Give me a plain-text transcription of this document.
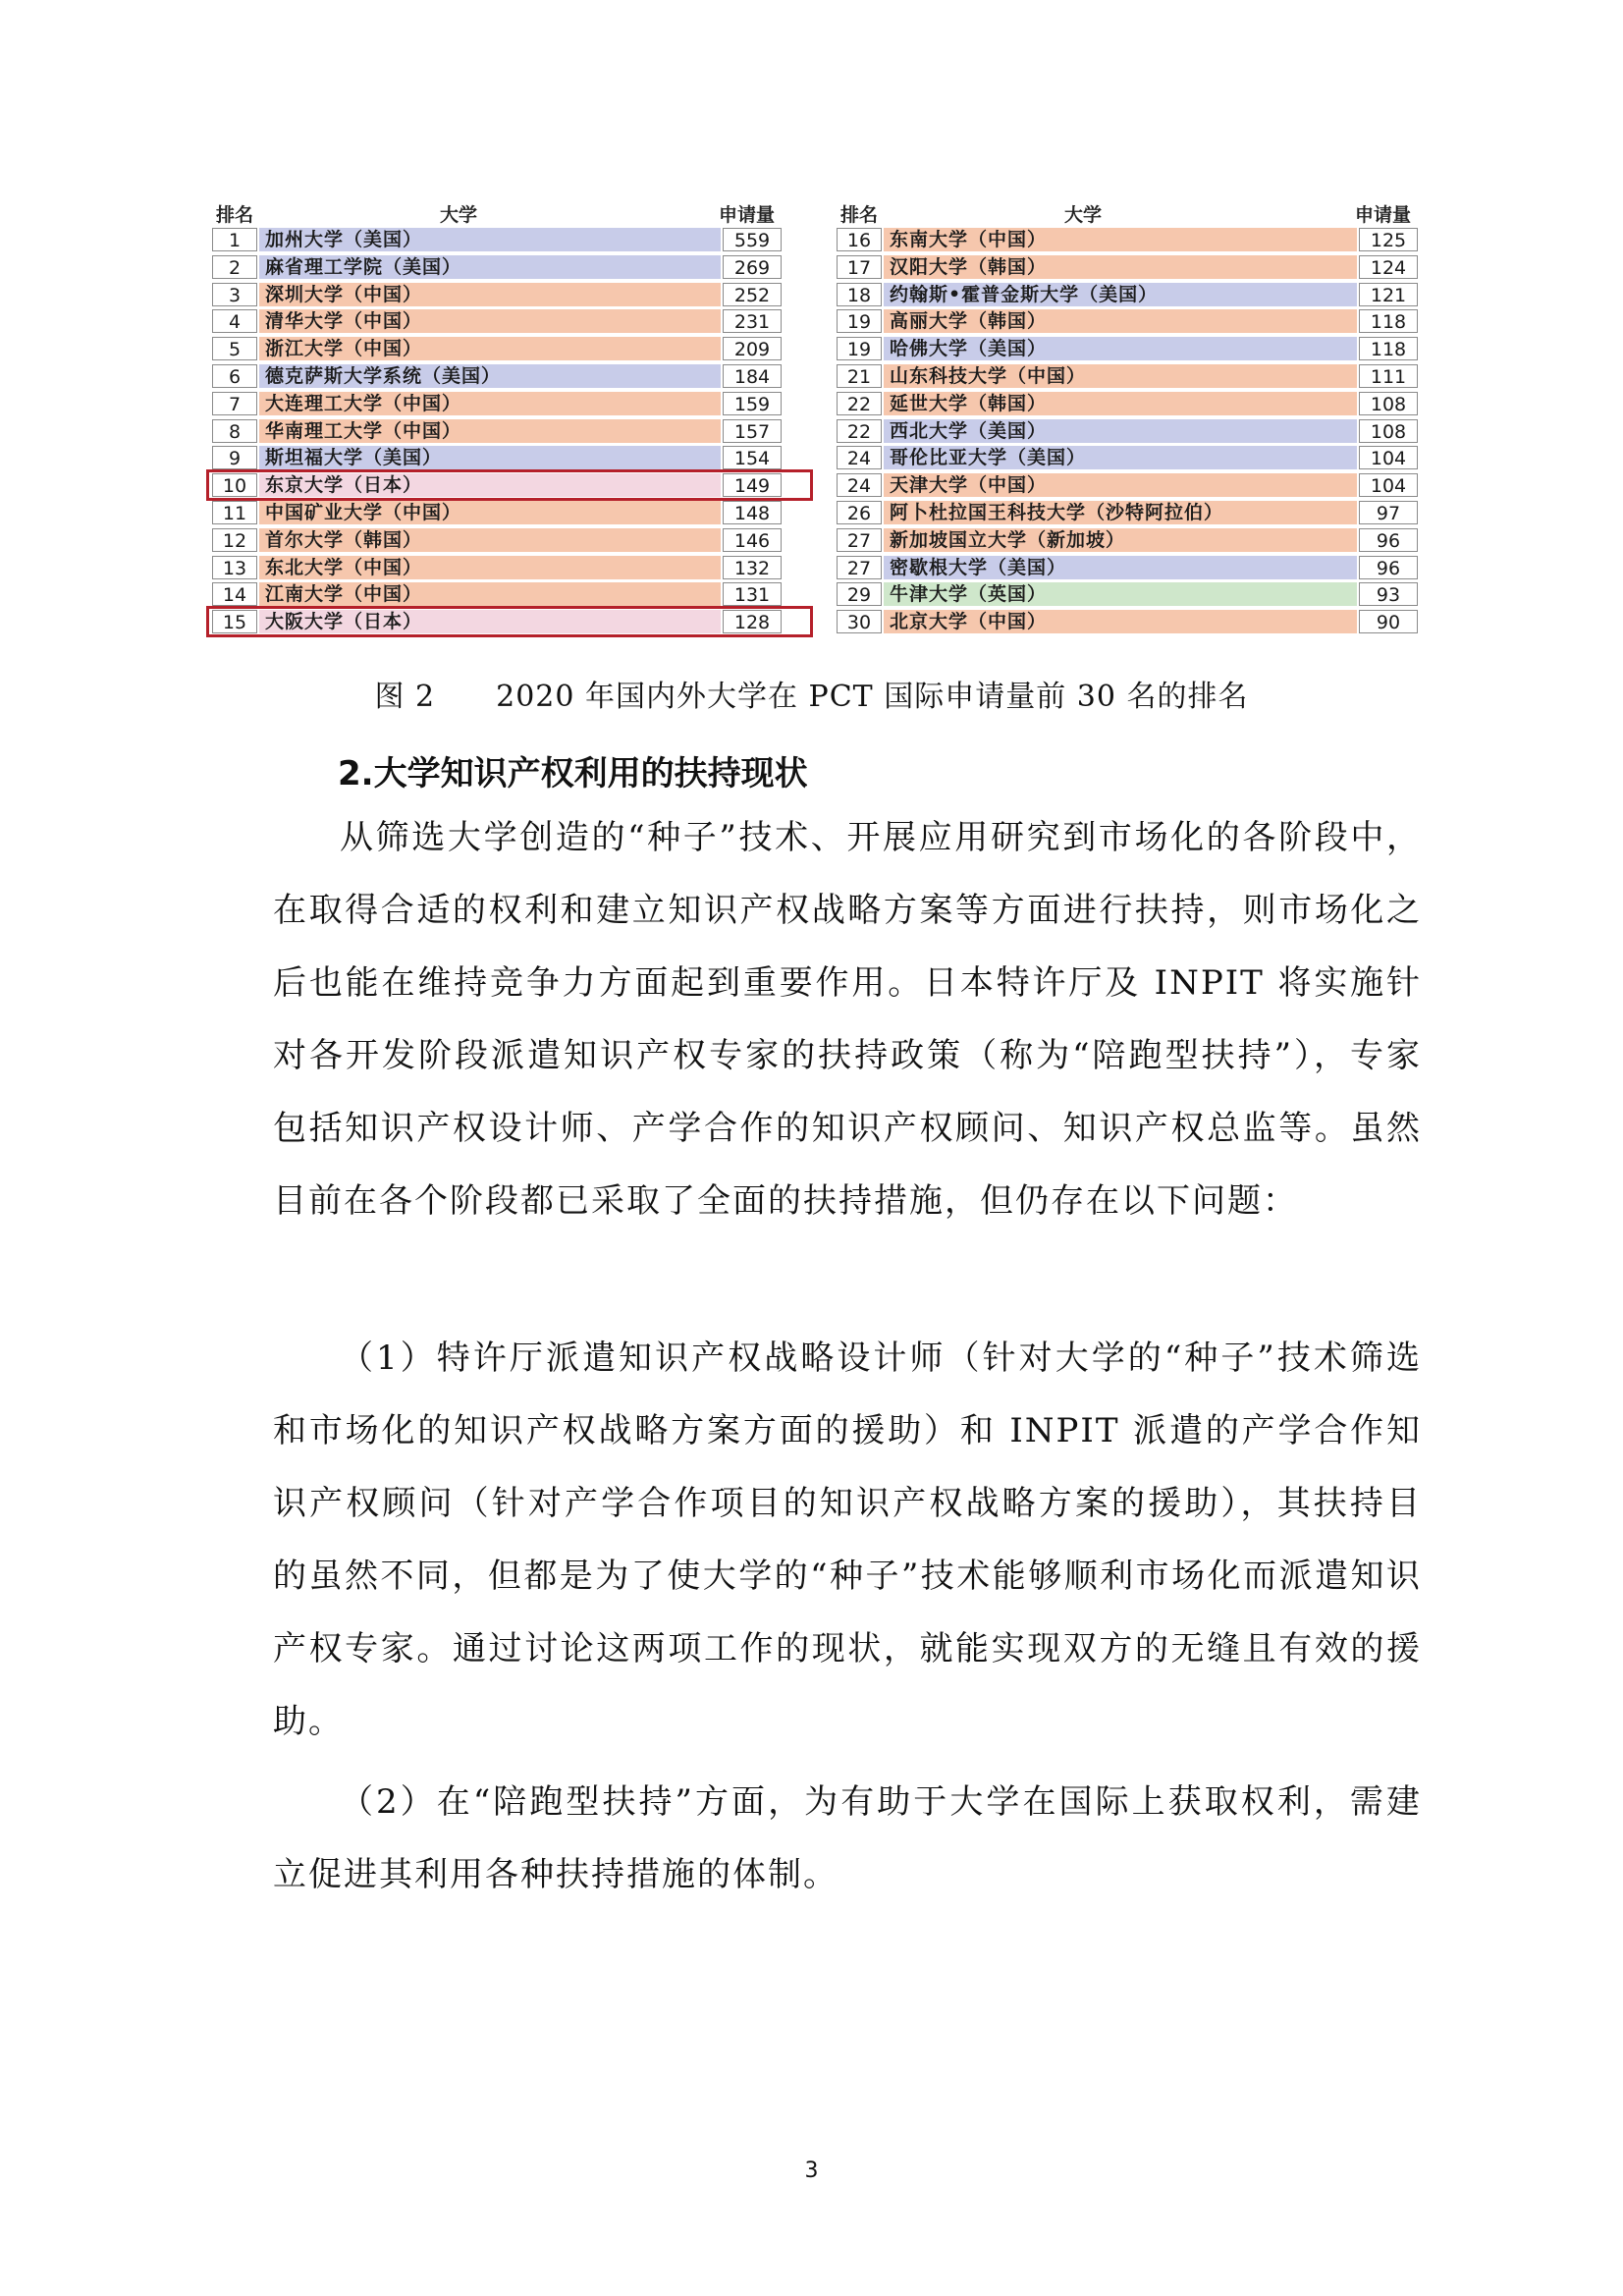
排名	大学	申请量
1	加州大学（美国）	559
2	麻省理工学院（美国）	269
3	深圳大学（中国）	252
4	清华大学（中国）	231
5	浙江大学（中国）	209
6	德克萨斯大学系统（美国）	184
7	大连理工大学（中国）	159
8	华南理工大学（中国）	157
9	斯坦福大学（美国）	154
10 东京大学（日本）	149
11 中国矿业大学（中国）	148
12 首尔大学（韩国）	146
13 东北大学（中国）	132
14 江南大学（中国）	131
15 大阪大学（日本）	128
排名	大学	申请量
16 东南大学（中国）	125
17 汉阳大学（韩国）	124
18 约翰斯•霍普金斯大学（美国）	121
19 高丽大学（韩国）	118
19 哈佛大学（美国）	118
21 山东科技大学（中国）	111
22 延世大学（韩国）	108
22 西北大学（美国）	108
24 哥伦比亚大学（美国）	104
24 天津大学（中国）	104
26 阿卜杜拉国王科技大学（沙特阿拉伯）	97
27 新加坡国立大学（新加坡）	96
27 密歇根大学（美国）	96
29 牛津大学（英国）	93
30 北京大学（中国）	90
图 2　　2020 年国内外大学在 PCT 国际申请量前 30 名的排名
2.大学知识产权利用的扶持现状

从筛选大学创造的“种子”技术、开展应用研究到市场化的各阶段中，在取得合适的权利和建立知识产权战略方案等方面进行扶持，则市场化之后也能在维持竞争力方面起到重要作用。日本特许厅及 INPIT 将实施针对各开发阶段派遣知识产权专家的扶持政策（称为“陪跑型扶持”），专家包括知识产权设计师、产学合作的知识产权顾问、知识产权总监等。虽然目前在各个阶段都已采取了全面的扶持措施，但仍存在以下问题：

（1）特许厅派遣知识产权战略设计师（针对大学的“种子”技术筛选和市场化的知识产权战略方案方面的援助）和 INPIT 派遣的产学合作知识产权顾问（针对产学合作项目的知识产权战略方案的援助），其扶持目的虽然不同，但都是为了使大学的“种子”技术能够顺利市场化而派遣知识产权专家。通过讨论这两项工作的现状，就能实现双方的无缝且有效的援助。

（2）在“陪跑型扶持”方面，为有助于大学在国际上获取权利，需建立促进其利用各种扶持措施的体制。

3
